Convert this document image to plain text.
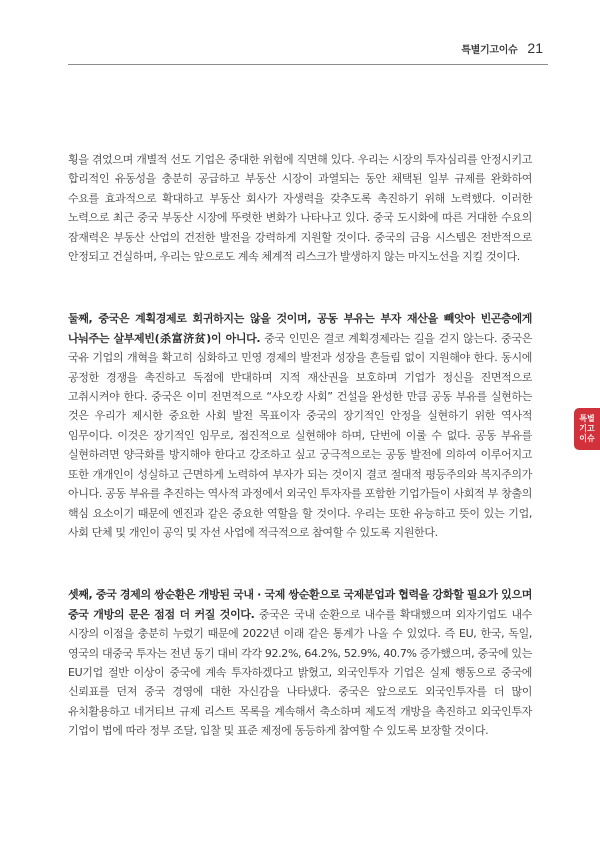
특별기고이슈 21
특별
기고
이슈

횡을 겪었으며 개별적 선도 기업은 중대한 위험에 직면해 있다. 우리는 시장의 투자심리를 안정시키고 합리적인 유동성을 충분히 공급하고 부동산 시장이 과열되는 동안 채택된 일부 규제를 완화하여 수요를 효과적으로 확대하고 부동산 회사가 자생력을 갖추도록 촉진하기 위해 노력했다. 이러한 노력으로 최근 중국 부동산 시장에 뚜렷한 변화가 나타나고 있다. 중국 도시화에 따른 거대한 수요의 잠재력은 부동산 산업의 건전한 발전을 강력하게 지원할 것이다. 중국의 금융 시스템은 전반적으로 안정되고 건실하며, 우리는 앞으로도 계속 체계적 리스크가 발생하지 않는 마지노선을 지킬 것이다.

둘째, 중국은 계획경제로 회귀하지는 않을 것이며, 공동 부유는 부자 재산을 빼앗아 빈곤층에게 나눠주는 살부제빈(杀富济贫)이 아니다. 중국 인민은 결코 계획경제라는 길을 걷지 않는다. 중국은 국유 기업의 개혁을 확고히 심화하고 민영 경제의 발전과 성장을 흔들림 없이 지원해야 한다. 동시에 공정한 경쟁을 촉진하고 독점에 반대하며 지적 재산권을 보호하며 기업가 정신을 진면적으로 고취시켜야 한다. 중국은 이미 전면적으로 “샤오캉 사회” 건설을 완성한 만큼 공동 부유를 실현하는 것은 우리가 제시한 중요한 사회 발전 목표이자 중국의 장기적인 안정을 실현하기 위한 역사적 임무이다. 이것은 장기적인 임무로, 점진적으로 실현해야 하며, 단번에 이룰 수 없다. 공동 부유를 실현하려면 양극화를 방지해야 한다고 강조하고 싶고 궁극적으로는 공동 발전에 의하여 이루어지고 또한 개개인이 성실하고 근면하게 노력하여 부자가 되는 것이지 결코 절대적 평등주의와 복지주의가 아니다. 공동 부유를 추진하는 역사적 과정에서 외국인 투자자를 포함한 기업가들이 사회적 부 창출의 핵심 요소이기 때문에 엔진과 같은 중요한 역할을 할 것이다. 우리는 또한 유능하고 뜻이 있는 기업, 사회 단체 및 개인이 공익 및 자선 사업에 적극적으로 참여할 수 있도록 지원한다.

셋째, 중국 경제의 쌍순환은 개방된 국내 · 국제 쌍순환으로 국제분업과 협력을 강화할 필요가 있으며 중국 개방의 문은 점점 더 커질 것이다. 중국은 국내 순환으로 내수를 확대했으며 외자기업도 내수 시장의 이점을 충분히 누렸기 때문에 2022년 이래 같은 통계가 나올 수 있었다. 즉 EU, 한국, 독일, 영국의 대중국 투자는 전년 동기 대비 각각 92.2%, 64.2%, 52.9%, 40.7% 증가했으며, 중국에 있는 EU기업 절반 이상이 중국에 계속 투자하겠다고 밝혔고, 외국인투자 기업은 실제 행동으로 중국에 신뢰표를 던져 중국 경영에 대한 자신감을 나타냈다. 중국은 앞으로도 외국인투자를 더 많이 유치활용하고 네거티브 규제 리스트 목록을 계속해서 축소하며 제도적 개방을 촉진하고 외국인투자 기업이 법에 따라 정부 조달, 입찰 및 표준 제정에 동등하게 참여할 수 있도록 보장할 것이다.
